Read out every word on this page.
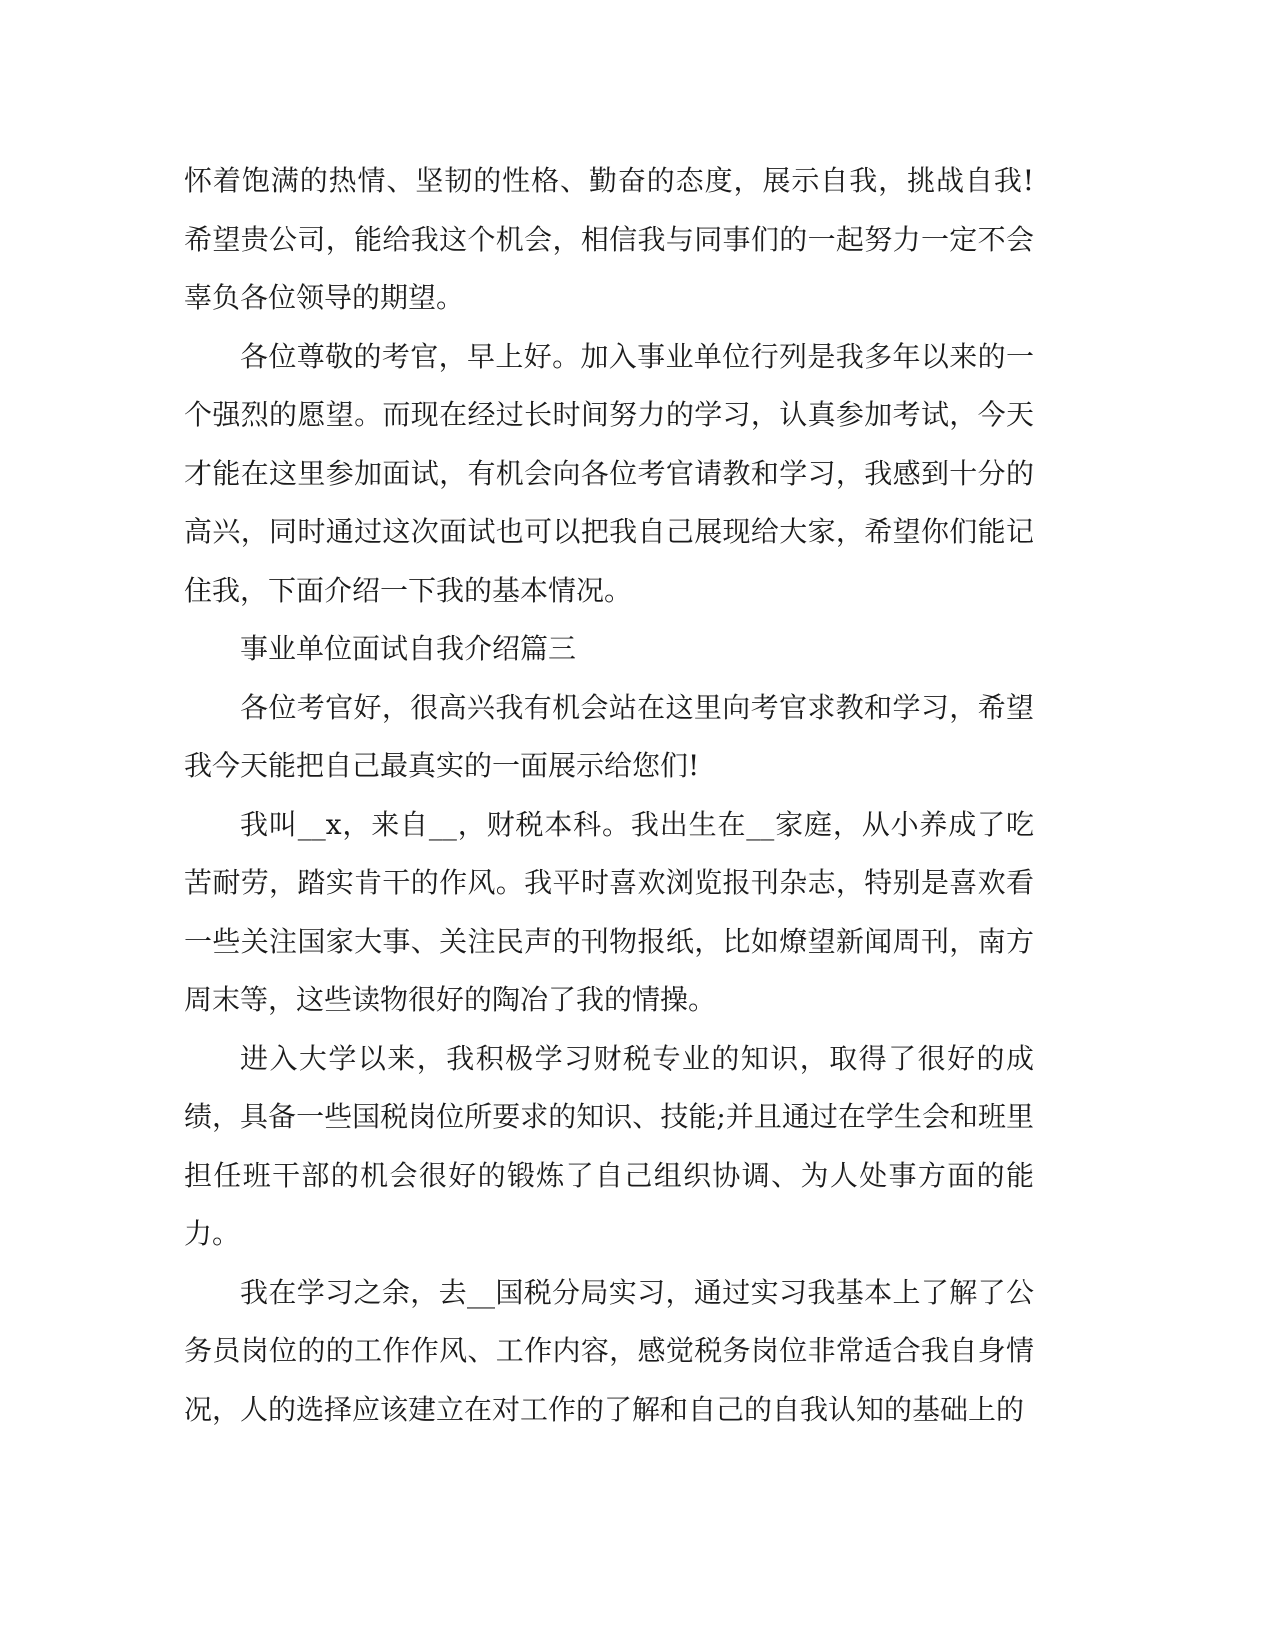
怀着饱满的热情、坚韧的性格、勤奋的态度，展示自我，挑战自我!希望贵公司，能给我这个机会，相信我与同事们的一起努力一定不会辜负各位领导的期望。

各位尊敬的考官，早上好。加入事业单位行列是我多年以来的一个强烈的愿望。而现在经过长时间努力的学习，认真参加考试，今天才能在这里参加面试，有机会向各位考官请教和学习，我感到十分的高兴，同时通过这次面试也可以把我自己展现给大家，希望你们能记住我，下面介绍一下我的基本情况。

事业单位面试自我介绍篇三

各位考官好，很高兴我有机会站在这里向考官求教和学习，希望我今天能把自己最真实的一面展示给您们!

我叫__x，来自__，财税本科。我出生在__家庭，从小养成了吃苦耐劳，踏实肯干的作风。我平时喜欢浏览报刊杂志，特别是喜欢看一些关注国家大事、关注民声的刊物报纸，比如燎望新闻周刊，南方周末等，这些读物很好的陶冶了我的情操。

进入大学以来，我积极学习财税专业的知识，取得了很好的成绩，具备一些国税岗位所要求的知识、技能;并且通过在学生会和班里担任班干部的机会很好的锻炼了自己组织协调、为人处事方面的能力。

我在学习之余，去__国税分局实习，通过实习我基本上了解了公务员岗位的的工作作风、工作内容，感觉税务岗位非常适合我自身情况，人的选择应该建立在对工作的了解和自己的自我认知的基础上的
